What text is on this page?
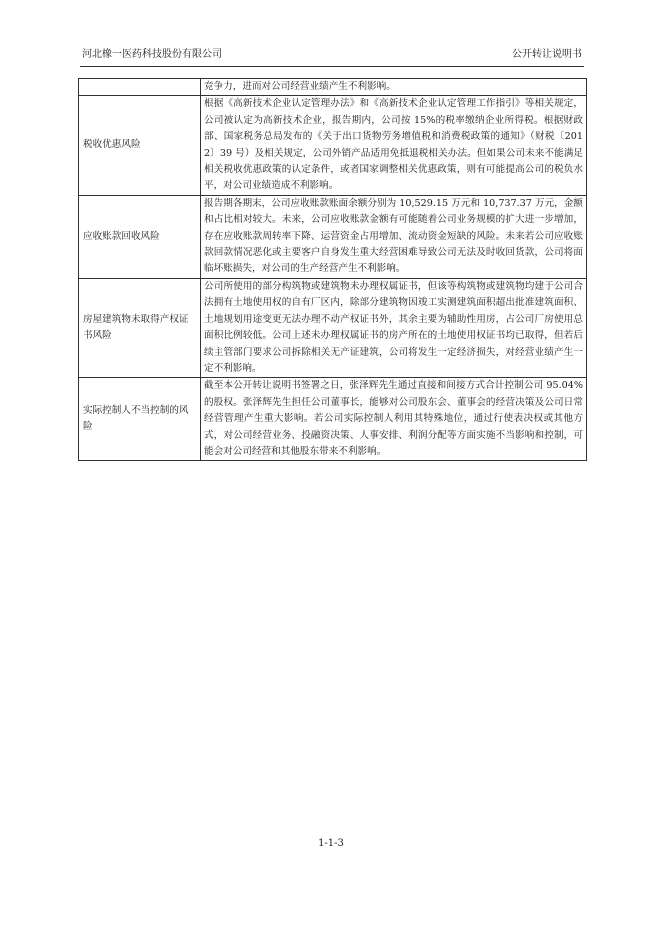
河北橡一医药科技股份有限公司	公开转让说明书
	竞争力，进而对公司经营业绩产生不利影响。
税收优惠风险	根据《高新技术企业认定管理办法》和《高新技术企业认定管理工作指引》等相关规定，公司被认定为高新技术企业，报告期内，公司按 15%的税率缴纳企业所得税。根据财政部、国家税务总局发布的《关于出口货物劳务增值税和消费税政策的通知》（财税〔2012〕39 号）及相关规定，公司外销产品适用免抵退税相关办法。但如果公司未来不能满足相关税收优惠政策的认定条件，或者国家调整相关优惠政策，则有可能提高公司的税负水平，对公司业绩造成不利影响。
应收账款回收风险	报告期各期末，公司应收账款账面余额分别为 10,529.15 万元和 10,737.37 万元，金额和占比相对较大。未来，公司应收账款金额有可能随着公司业务规模的扩大进一步增加，存在应收账款周转率下降、运营资金占用增加、流动资金短缺的风险。未来若公司应收账款回款情况恶化或主要客户自身发生重大经营困难导致公司无法及时收回货款，公司将面临坏账损失，对公司的生产经营产生不利影响。
房屋建筑物未取得产权证书风险	公司所使用的部分构筑物或建筑物未办理权属证书，但该等构筑物或建筑物均建于公司合法拥有土地使用权的自有厂区内，除部分建筑物因竣工实测建筑面积超出批准建筑面积、土地规划用途变更无法办理不动产权证书外，其余主要为辅助性用房，占公司厂房使用总面积比例较低。公司上述未办理权属证书的房产所在的土地使用权证书均已取得，但若后续主管部门要求公司拆除相关无产证建筑，公司将发生一定经济损失，对经营业绩产生一定不利影响。
实际控制人不当控制的风险	截至本公开转让说明书签署之日，张泽辉先生通过直接和间接方式合计控制公司 95.04%的股权。张泽辉先生担任公司董事长，能够对公司股东会、董事会的经营决策及公司日常经营管理产生重大影响。若公司实际控制人利用其特殊地位，通过行使表决权或其他方式，对公司经营业务、投融资决策、人事安排、利润分配等方面实施不当影响和控制，可能会对公司经营和其他股东带来不利影响。
1-1-3
